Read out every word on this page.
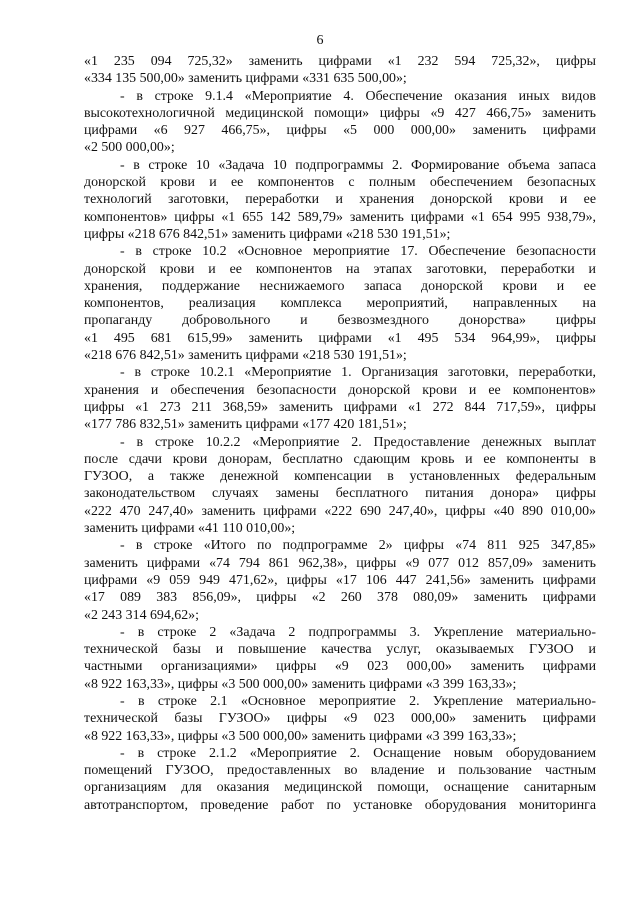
6
«1 235 094 725,32» заменить цифрами «1 232 594 725,32», цифры
«334 135 500,00» заменить цифрами «331 635 500,00»;
- в строке 9.1.4 «Мероприятие 4. Обеспечение оказания иных видов
высокотехнологичной медицинской помощи» цифры «9 427 466,75» заменить
цифрами «6 927 466,75», цифры «5 000 000,00» заменить цифрами
«2 500 000,00»;
- в строке 10 «Задача 10 подпрограммы 2. Формирование объема запаса
донорской крови и ее компонентов с полным обеспечением безопасных
технологий заготовки, переработки и хранения донорской крови и ее
компонентов» цифры «1 655 142 589,79» заменить цифрами «1 654 995 938,79»,
цифры «218 676 842,51» заменить цифрами «218 530 191,51»;
- в строке 10.2 «Основное мероприятие 17. Обеспечение безопасности
донорской крови и ее компонентов на этапах заготовки, переработки и
хранения, поддержание неснижаемого запаса донорской крови и ее
компонентов, реализация комплекса мероприятий, направленных на
пропаганду добровольного и безвозмездного донорства» цифры
«1 495 681 615,99» заменить цифрами «1 495 534 964,99», цифры
«218 676 842,51» заменить цифрами «218 530 191,51»;
- в строке 10.2.1 «Мероприятие 1. Организация заготовки, переработки,
хранения и обеспечения безопасности донорской крови и ее компонентов»
цифры «1 273 211 368,59» заменить цифрами «1 272 844 717,59», цифры
«177 786 832,51» заменить цифрами «177 420 181,51»;
- в строке 10.2.2 «Мероприятие 2. Предоставление денежных выплат
после сдачи крови донорам, бесплатно сдающим кровь и ее компоненты в
ГУЗОО, а также денежной компенсации в установленных федеральным
законодательством случаях замены бесплатного питания донора» цифры
«222 470 247,40» заменить цифрами «222 690 247,40», цифры «40 890 010,00»
заменить цифрами «41 110 010,00»;
- в строке «Итого по подпрограмме 2» цифры «74 811 925 347,85»
заменить цифрами «74 794 861 962,38», цифры «9 077 012 857,09» заменить
цифрами «9 059 949 471,62», цифры «17 106 447 241,56» заменить цифрами
«17 089 383 856,09», цифры «2 260 378 080,09» заменить цифрами
«2 243 314 694,62»;
- в строке 2 «Задача 2 подпрограммы 3. Укрепление материально-
технической базы и повышение качества услуг, оказываемых ГУЗОО и
частными организациями» цифры «9 023 000,00» заменить цифрами
«8 922 163,33», цифры «3 500 000,00» заменить цифрами «3 399 163,33»;
- в строке 2.1 «Основное мероприятие 2. Укрепление материально-
технической базы ГУЗОО» цифры «9 023 000,00» заменить цифрами
«8 922 163,33», цифры «3 500 000,00» заменить цифрами «3 399 163,33»;
- в строке 2.1.2 «Мероприятие 2. Оснащение новым оборудованием
помещений ГУЗОО, предоставленных во владение и пользование частным
организациям для оказания медицинской помощи, оснащение санитарным
автотранспортом, проведение работ по установке оборудования мониторинга
